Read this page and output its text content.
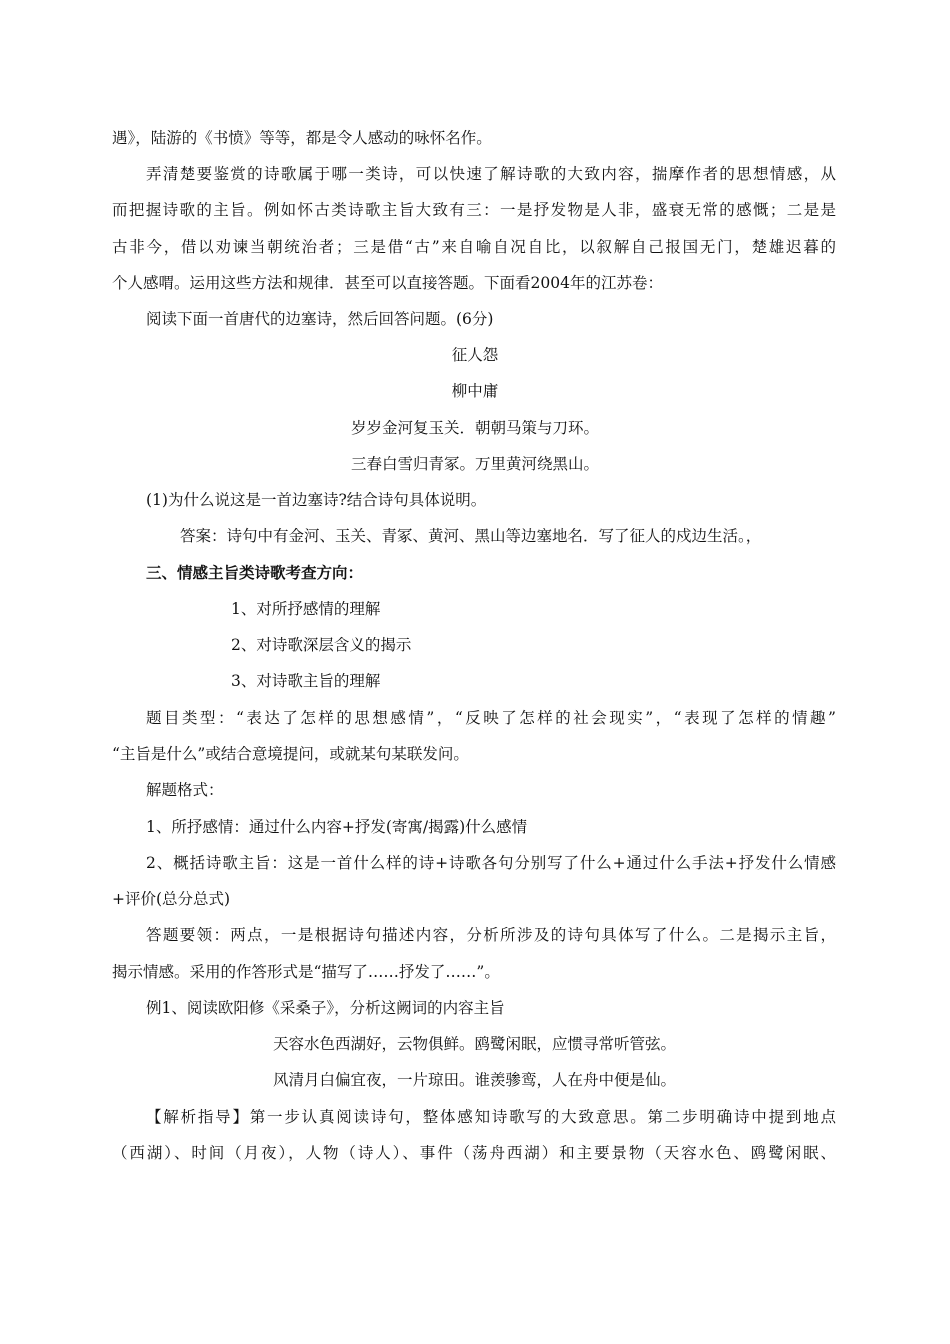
遇》，陆游的《书愤》等等，都是令人感动的咏怀名作。
弄清楚要鉴赏的诗歌属于哪一类诗，可以快速了解诗歌的大致内容，揣摩作者的思想情感，从
而把握诗歌的主旨。例如怀古类诗歌主旨大致有三：一是抒发物是人非，盛衰无常的感慨；二是是
古非今，借以劝谏当朝统治者；三是借“古”来自喻自况自比，以叙解自己报国无门，楚雄迟暮的
个人感喟。运用这些方法和规律．甚至可以直接答题。下面看2004年的江苏卷：
阅读下面一首唐代的边塞诗，然后回答问题。(6分)
征人怨
柳中庸
岁岁金河复玉关．朝朝马策与刀环。
三春白雪归青冢。万里黄河绕黑山。
(1)为什么说这是一首边塞诗?结合诗句具体说明。
答案：诗句中有金河、玉关、青冢、黄河、黑山等边塞地名．写了征人的戍边生活。，
三、情感主旨类诗歌考查方向：
1、对所抒感情的理解
2、对诗歌深层含义的揭示
3、对诗歌主旨的理解
题目类型：“表达了怎样的思想感情”，“反映了怎样的社会现实”，“表现了怎样的情趣”
“主旨是什么”或结合意境提问，或就某句某联发问。
解题格式：
1、所抒感情：通过什么内容+抒发(寄寓/揭露)什么感情
2、概括诗歌主旨：这是一首什么样的诗+诗歌各句分别写了什么+通过什么手法+抒发什么情感
+评价(总分总式)
答题要领：两点，一是根据诗句描述内容，分析所涉及的诗句具体写了什么。二是揭示主旨，
揭示情感。采用的作答形式是“描写了……抒发了……”。
例1、阅读欧阳修《采桑子》，分析这阙词的内容主旨
天容水色西湖好，云物俱鲜。鸥鹭闲眠，应惯寻常听管弦。
风清月白偏宜夜，一片琼田。谁羡骖鸾，人在舟中便是仙。
【解析指导】第一步认真阅读诗句，整体感知诗歌写的大致意思。第二步明确诗中提到地点
（西湖）、时间（月夜），人物（诗人）、事件（荡舟西湖）和主要景物（天容水色、鸥鹭闲眠、
